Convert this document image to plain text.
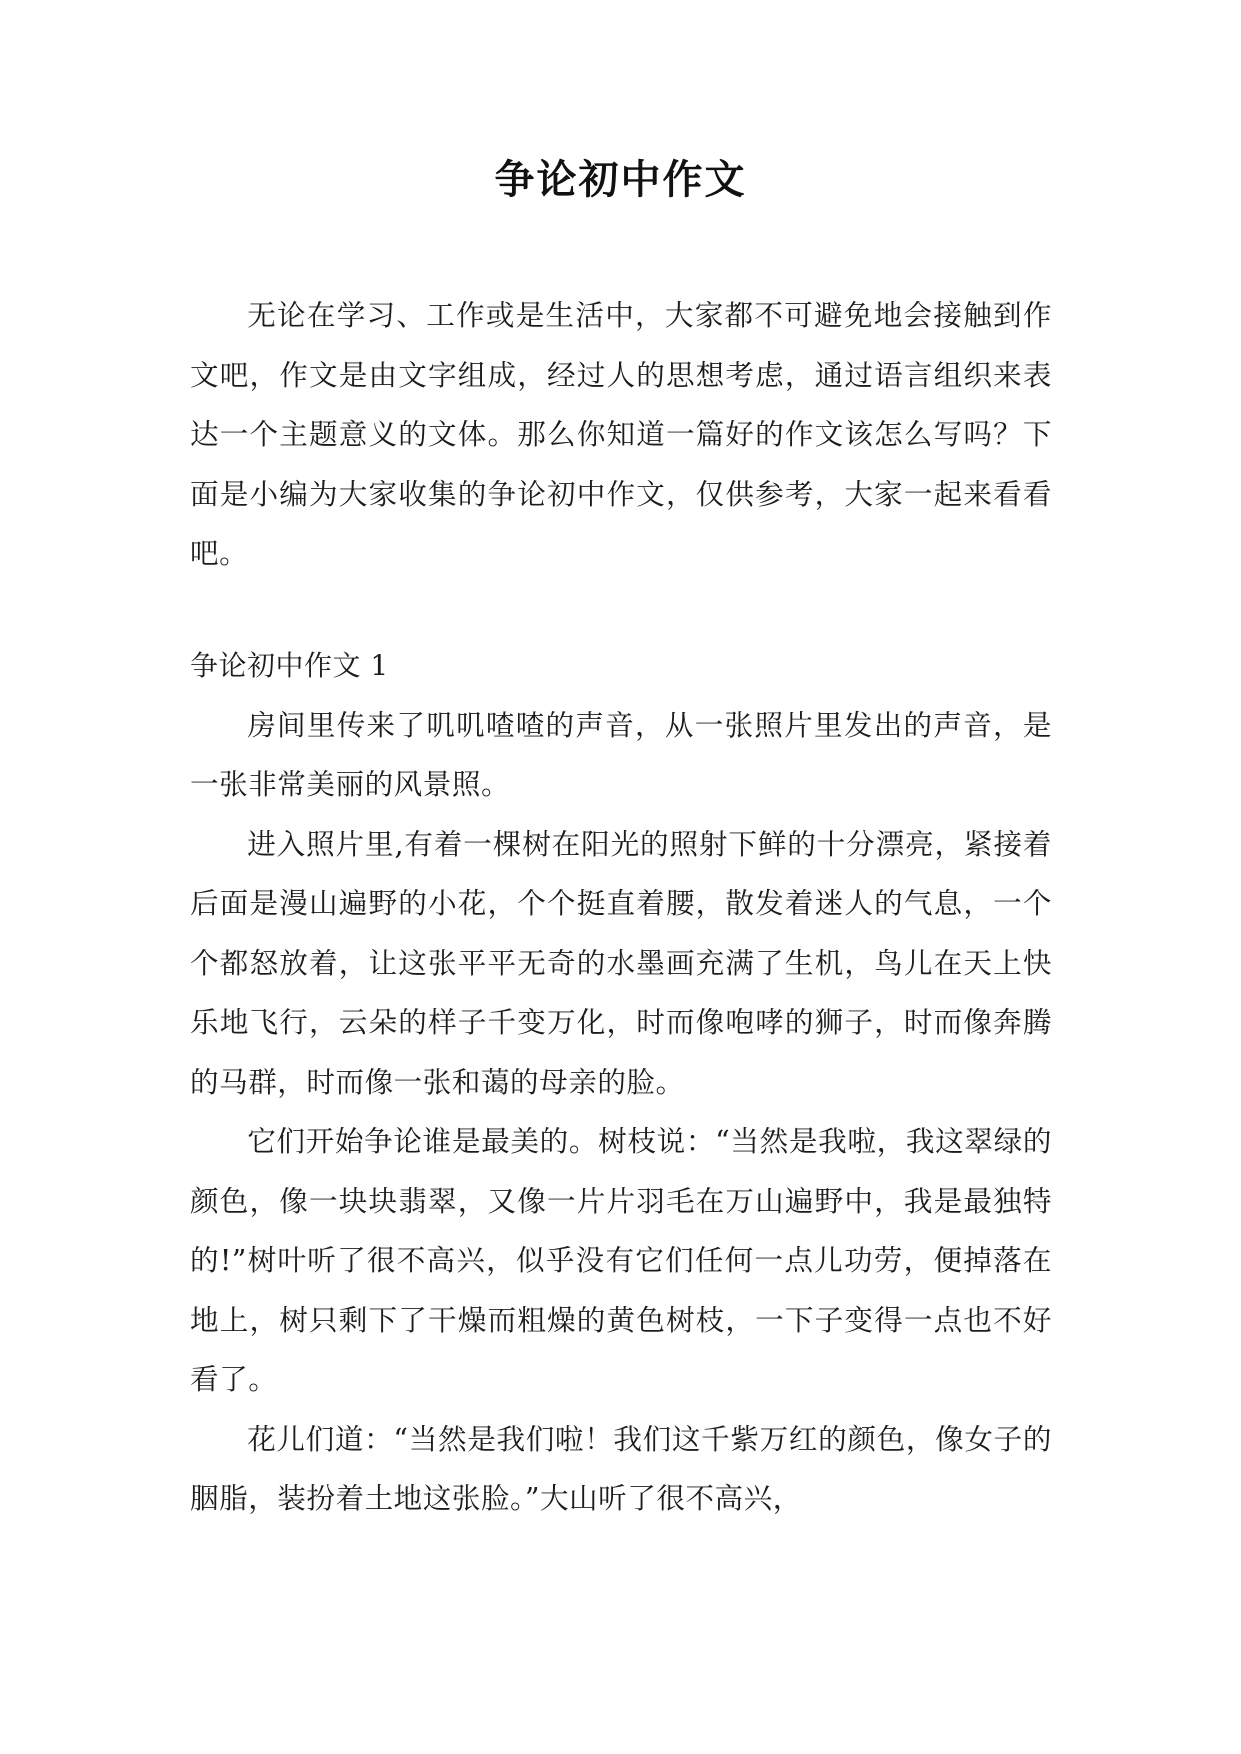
争论初中作文

无论在学习、工作或是生活中，大家都不可避免地会接触到作文吧，作文是由文字组成，经过人的思想考虑，通过语言组织来表达一个主题意义的文体。那么你知道一篇好的作文该怎么写吗？下面是小编为大家收集的争论初中作文，仅供参考，大家一起来看看吧。

争论初中作文 1

房间里传来了叽叽喳喳的声音，从一张照片里发出的声音，是一张非常美丽的风景照。

进入照片里,有着一棵树在阳光的照射下鲜的十分漂亮，紧接着后面是漫山遍野的小花，个个挺直着腰，散发着迷人的气息，一个个都怒放着，让这张平平无奇的水墨画充满了生机，鸟儿在天上快乐地飞行，云朵的样子千变万化，时而像咆哮的狮子，时而像奔腾的马群，时而像一张和蔼的母亲的脸。

它们开始争论谁是最美的。树枝说：“当然是我啦，我这翠绿的颜色，像一块块翡翠，又像一片片羽毛在万山遍野中，我是最独特的!”树叶听了很不高兴，似乎没有它们任何一点儿功劳，便掉落在地上，树只剩下了干燥而粗燥的黄色树枝，一下子变得一点也不好看了。

花儿们道：“当然是我们啦！我们这千紫万红的颜色，像女子的胭脂，装扮着土地这张脸。”大山听了很不高兴，
